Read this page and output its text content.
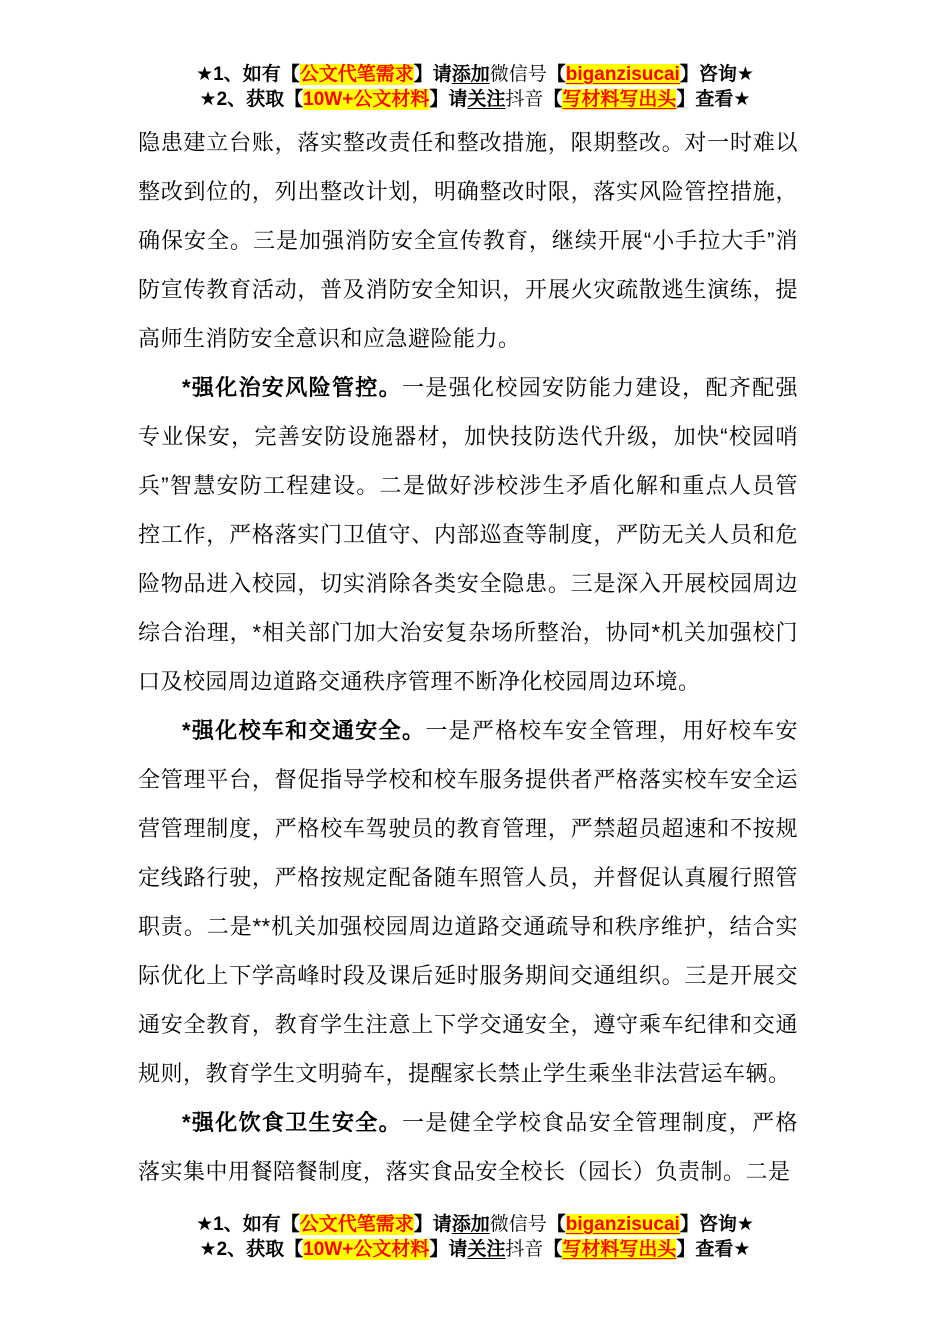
★1、如有【公文代笔需求】请添加微信号【biganzisucai】咨询★
★2、获取【10W+公文材料】请关注抖音【写材料写出头】查看★

隐患建立台账，落实整改责任和整改措施，限期整改。对一时难以整改到位的，列出整改计划，明确整改时限，落实风险管控措施，确保安全。三是加强消防安全宣传教育，继续开展“小手拉大手”消防宣传教育活动，普及消防安全知识，开展火灾疏散逃生演练，提高师生消防安全意识和应急避险能力。

*强化治安风险管控。一是强化校园安防能力建设，配齐配强专业保安，完善安防设施器材，加快技防迭代升级，加快“校园哨兵”智慧安防工程建设。二是做好涉校涉生矛盾化解和重点人员管控工作，严格落实门卫值守、内部巡查等制度，严防无关人员和危险物品进入校园，切实消除各类安全隐患。三是深入开展校园周边综合治理，*相关部门加大治安复杂场所整治，协同*机关加强校门口及校园周边道路交通秩序管理不断净化校园周边环境。

*强化校车和交通安全。一是严格校车安全管理，用好校车安全管理平台，督促指导学校和校车服务提供者严格落实校车安全运营管理制度，严格校车驾驶员的教育管理，严禁超员超速和不按规定线路行驶，严格按规定配备随车照管人员，并督促认真履行照管职责。二是**机关加强校园周边道路交通疏导和秩序维护，结合实际优化上下学高峰时段及课后延时服务期间交通组织。三是开展交通安全教育，教育学生注意上下学交通安全，遵守乘车纪律和交通规则，教育学生文明骑车，提醒家长禁止学生乘坐非法营运车辆。

*强化饮食卫生安全。一是健全学校食品安全管理制度，严格落实集中用餐陪餐制度，落实食品安全校长（园长）负责制。二是

★1、如有【公文代笔需求】请添加微信号【biganzisucai】咨询★
★2、获取【10W+公文材料】请关注抖音【写材料写出头】查看★
